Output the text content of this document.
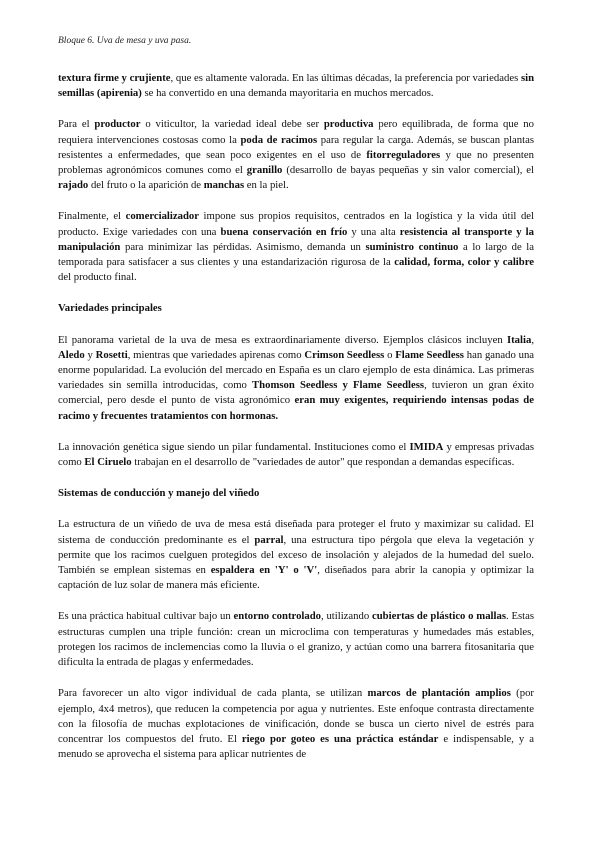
Bloque 6. Uva de mesa y uva pasa.

textura firme y crujiente, que es altamente valorada. En las últimas décadas, la preferencia por variedades sin semillas (apirenia) se ha convertido en una demanda mayoritaria en muchos mercados.

Para el productor o viticultor, la variedad ideal debe ser productiva pero equilibrada, de forma que no requiera intervenciones costosas como la poda de racimos para regular la carga. Además, se buscan plantas resistentes a enfermedades, que sean poco exigentes en el uso de fitorreguladores y que no presenten problemas agronómicos comunes como el granillo (desarrollo de bayas pequeñas y sin valor comercial), el rajado del fruto o la aparición de manchas en la piel.

Finalmente, el comercializador impone sus propios requisitos, centrados en la logística y la vida útil del producto. Exige variedades con una buena conservación en frío y una alta resistencia al transporte y la manipulación para minimizar las pérdidas. Asimismo, demanda un suministro continuo a lo largo de la temporada para satisfacer a sus clientes y una estandarización rigurosa de la calidad, forma, color y calibre del producto final.

Variedades principales

El panorama varietal de la uva de mesa es extraordinariamente diverso. Ejemplos clásicos incluyen Italia, Aledo y Rosetti, mientras que variedades apirenas como Crimson Seedless o Flame Seedless han ganado una enorme popularidad. La evolución del mercado en España es un claro ejemplo de esta dinámica. Las primeras variedades sin semilla introducidas, como Thomson Seedless y Flame Seedless, tuvieron un gran éxito comercial, pero desde el punto de vista agronómico eran muy exigentes, requiriendo intensas podas de racimo y frecuentes tratamientos con hormonas.

La innovación genética sigue siendo un pilar fundamental. Instituciones como el IMIDA y empresas privadas como El Ciruelo trabajan en el desarrollo de "variedades de autor" que respondan a demandas específicas.

Sistemas de conducción y manejo del viñedo

La estructura de un viñedo de uva de mesa está diseñada para proteger el fruto y maximizar su calidad. El sistema de conducción predominante es el parral, una estructura tipo pérgola que eleva la vegetación y permite que los racimos cuelguen protegidos del exceso de insolación y alejados de la humedad del suelo. También se emplean sistemas en espaldera en 'Y' o 'V', diseñados para abrir la canopia y optimizar la captación de luz solar de manera más eficiente.

Es una práctica habitual cultivar bajo un entorno controlado, utilizando cubiertas de plástico o mallas. Estas estructuras cumplen una triple función: crean un microclima con temperaturas y humedades más estables, protegen los racimos de inclemencias como la lluvia o el granizo, y actúan como una barrera fitosanitaria que dificulta la entrada de plagas y enfermedades.

Para favorecer un alto vigor individual de cada planta, se utilizan marcos de plantación amplios (por ejemplo, 4x4 metros), que reducen la competencia por agua y nutrientes. Este enfoque contrasta directamente con la filosofía de muchas explotaciones de vinificación, donde se busca un cierto nivel de estrés para concentrar los compuestos del fruto. El riego por goteo es una práctica estándar e indispensable, y a menudo se aprovecha el sistema para aplicar nutrientes de
